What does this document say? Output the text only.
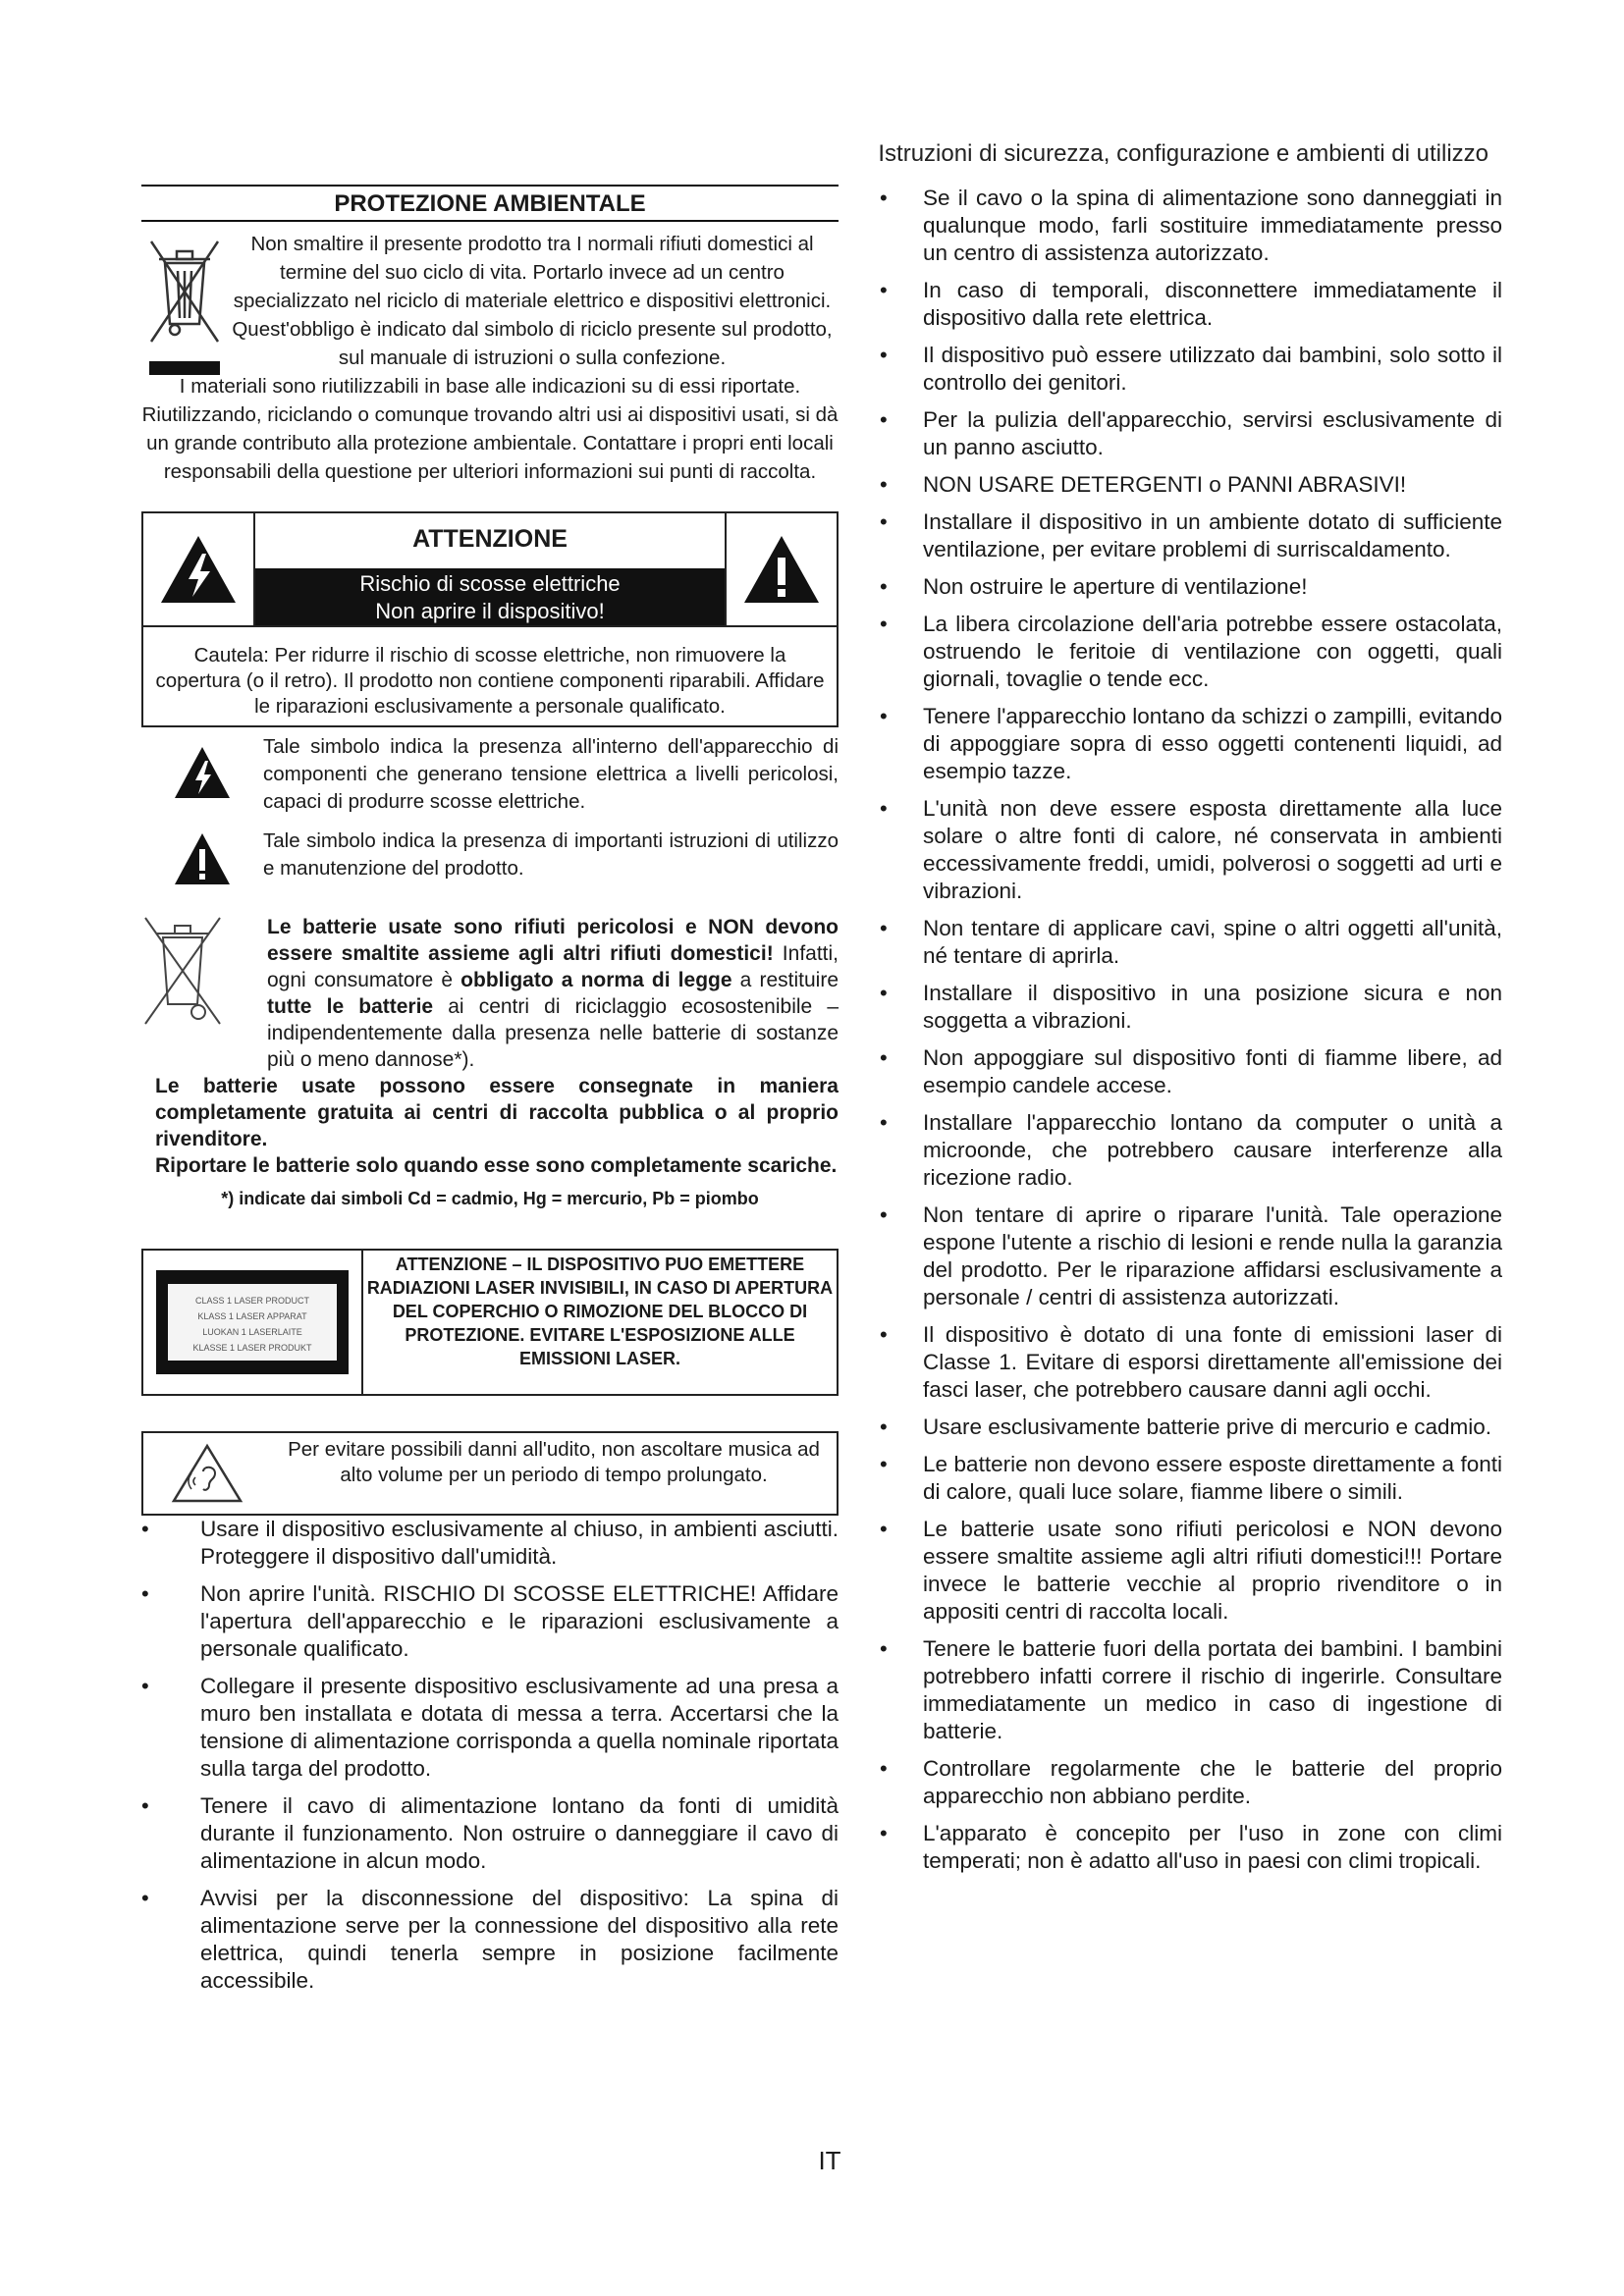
Istruzioni di sicurezza, configurazione e ambienti di utilizzo
PROTEZIONE AMBIENTALE
Non smaltire il presente prodotto tra I normali rifiuti domestici al termine del suo ciclo di vita. Portarlo invece ad un centro specializzato nel riciclo di materiale elettrico e dispositivi elettronici. Quest'obbligo è indicato dal simbolo di riciclo presente sul prodotto, sul manuale di istruzioni o sulla confezione.
I materiali sono riutilizzabili in base alle indicazioni su di essi riportate. Riutilizzando, riciclando o comunque trovando altri usi ai dispositivi usati, si dà un grande contributo alla protezione ambientale. Contattare i propri enti locali responsabili della questione per ulteriori informazioni sui punti di raccolta.
ATTENZIONE
Rischio di scosse elettriche
Non aprire il dispositivo!
Cautela: Per ridurre il rischio di scosse elettriche, non rimuovere la copertura (o il retro). Il prodotto non contiene componenti riparabili. Affidare le riparazioni esclusivamente a personale qualificato.
Tale simbolo indica la presenza all'interno dell'apparecchio di componenti che generano tensione elettrica a livelli pericolosi, capaci di produrre scosse elettriche.
Tale simbolo indica la presenza di importanti istruzioni di utilizzo e manutenzione del prodotto.
Le batterie usate sono rifiuti pericolosi e NON devono essere smaltite assieme agli altri rifiuti domestici! Infatti, ogni consumatore è obbligato a norma di legge a restituire tutte le batterie ai centri di riciclaggio ecosostenibile – indipendentemente dalla presenza nelle batterie di sostanze più o meno dannose*).
Le batterie usate possono essere consegnate in maniera completamente gratuita ai centri di raccolta pubblica o al proprio rivenditore.
Riportare le batterie solo quando esse sono completamente scariche.
*) indicate dai simboli Cd = cadmio, Hg = mercurio, Pb = piombo
CLASS 1 LASER PRODUCT
KLASS 1 LASER APPARAT
LUOKAN 1 LASERLAITE
KLASSE 1 LASER PRODUKT
ATTENZIONE – IL DISPOSITIVO PUO EMETTERE RADIAZIONI LASER INVISIBILI, IN CASO DI APERTURA DEL COPERCHIO O RIMOZIONE DEL BLOCCO DI PROTEZIONE. EVITARE L'ESPOSIZIONE ALLE EMISSIONI LASER.
Per evitare possibili danni all'udito, non ascoltare musica ad alto volume per un periodo di tempo prolungato.
• Usare il dispositivo esclusivamente al chiuso, in ambienti asciutti. Proteggere il dispositivo dall'umidità.
• Non aprire l'unità. RISCHIO DI SCOSSE ELETTRICHE! Affidare l'apertura dell'apparecchio e le riparazioni esclusivamente a personale qualificato.
• Collegare il presente dispositivo esclusivamente ad una presa a muro ben installata e dotata di messa a terra. Accertarsi che la tensione di alimentazione corrisponda a quella nominale riportata sulla targa del prodotto.
• Tenere il cavo di alimentazione lontano da fonti di umidità durante il funzionamento. Non ostruire o danneggiare il cavo di alimentazione in alcun modo.
• Avvisi per la disconnessione del dispositivo: La spina di alimentazione serve per la connessione del dispositivo alla rete elettrica, quindi tenerla sempre in posizione facilmente accessibile.
• Se il cavo o la spina di alimentazione sono danneggiati in qualunque modo, farli sostituire immediatamente presso un centro di assistenza autorizzato.
• In caso di temporali, disconnettere immediatamente il dispositivo dalla rete elettrica.
• Il dispositivo può essere utilizzato dai bambini, solo sotto il controllo dei genitori.
• Per la pulizia dell'apparecchio, servirsi esclusivamente di un panno asciutto.
• NON USARE DETERGENTI o PANNI ABRASIVI!
• Installare il dispositivo in un ambiente dotato di sufficiente ventilazione, per evitare problemi di surriscaldamento.
• Non ostruire le aperture di ventilazione!
• La libera circolazione dell'aria potrebbe essere ostacolata, ostruendo le feritoie di ventilazione con oggetti, quali giornali, tovaglie o tende ecc.
• Tenere l'apparecchio lontano da schizzi o zampilli, evitando di appoggiare sopra di esso oggetti contenenti liquidi, ad esempio tazze.
• L'unità non deve essere esposta direttamente alla luce solare o altre fonti di calore, né conservata in ambienti eccessivamente freddi, umidi, polverosi o soggetti ad urti e vibrazioni.
• Non tentare di applicare cavi, spine o altri oggetti all'unità, né tentare di aprirla.
• Installare il dispositivo in una posizione sicura e non soggetta a vibrazioni.
• Non appoggiare sul dispositivo fonti di fiamme libere, ad esempio candele accese.
• Installare l'apparecchio lontano da computer o unità a microonde, che potrebbero causare interferenze alla ricezione radio.
• Non tentare di aprire o riparare l'unità. Tale operazione espone l'utente a rischio di lesioni e rende nulla la garanzia del prodotto. Per le riparazione affidarsi esclusivamente a personale / centri di assistenza autorizzati.
• Il dispositivo è dotato di una fonte di emissioni laser di Classe 1. Evitare di esporsi direttamente all'emissione dei fasci laser, che potrebbero causare danni agli occhi.
• Usare esclusivamente batterie prive di mercurio e cadmio.
• Le batterie non devono essere esposte direttamente a fonti di calore, quali luce solare, fiamme libere o simili.
• Le batterie usate sono rifiuti pericolosi e NON devono essere smaltite assieme agli altri rifiuti domestici!!! Portare invece le batterie vecchie al proprio rivenditore o in appositi centri di raccolta locali.
• Tenere le batterie fuori della portata dei bambini. I bambini potrebbero infatti correre il rischio di ingerirle. Consultare immediatamente un medico in caso di ingestione di batterie.
• Controllare regolarmente che le batterie del proprio apparecchio non abbiano perdite.
• L'apparato è concepito per l'uso in zone con climi temperati; non è adatto all'uso in paesi con climi tropicali.
IT
